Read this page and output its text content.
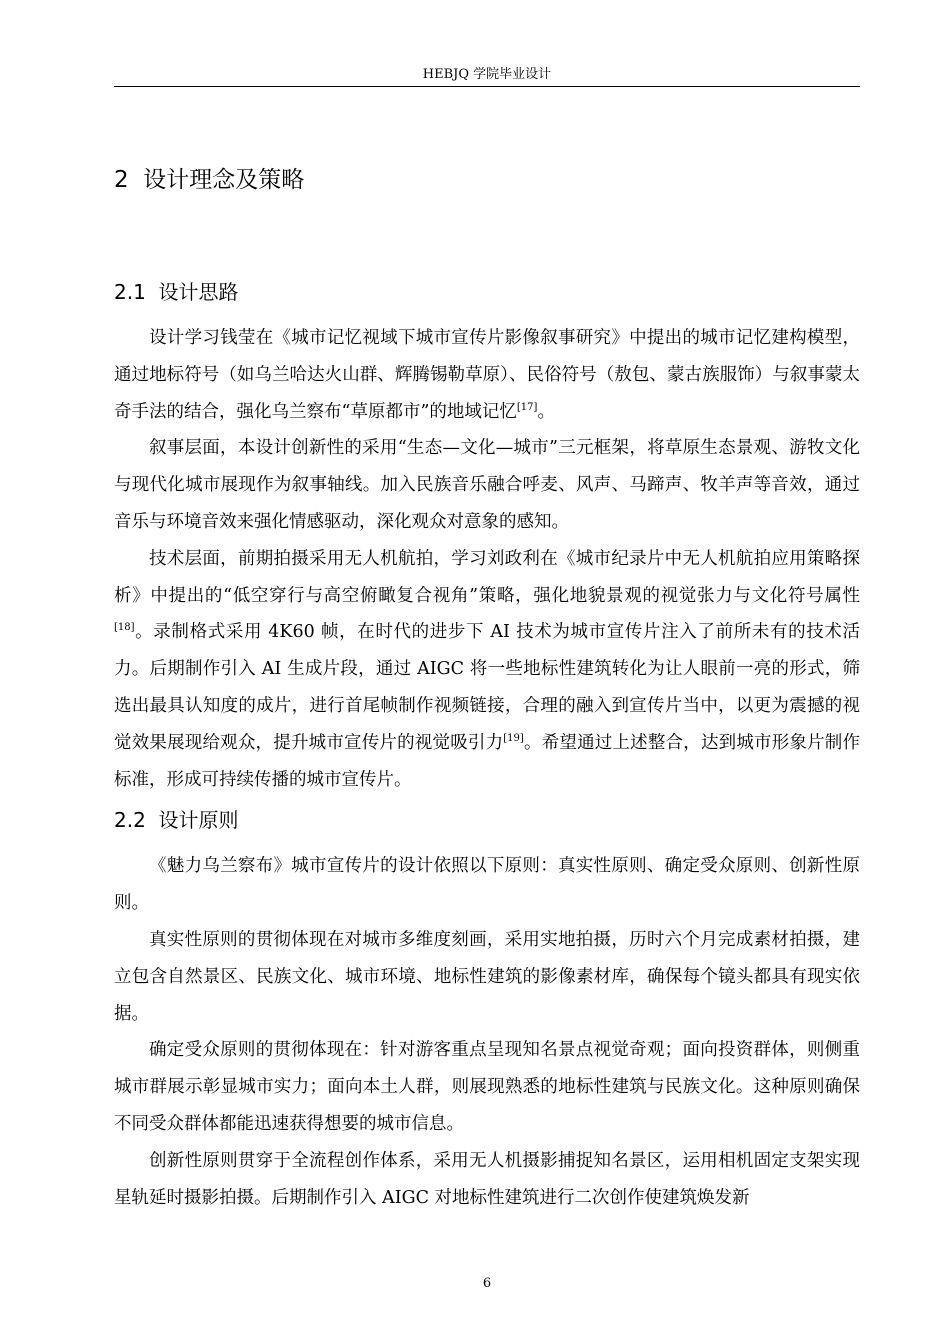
HEBJQ 学院毕业设计
2 设计理念及策略
2.1 设计思路

设计学习钱莹在《城市记忆视域下城市宣传片影像叙事研究》中提出的城市记忆建构模型，通过地标符号（如乌兰哈达火山群、辉腾锡勒草原）、民俗符号（敖包、蒙古族服饰）与叙事蒙太奇手法的结合，强化乌兰察布“草原都市”的地域记忆[17]。

叙事层面，本设计创新性的采用“生态—文化—城市”三元框架，将草原生态景观、游牧文化与现代化城市展现作为叙事轴线。加入民族音乐融合呼麦、风声、马蹄声、牧羊声等音效，通过音乐与环境音效来强化情感驱动，深化观众对意象的感知。

技术层面，前期拍摄采用无人机航拍，学习刘政利在《城市纪录片中无人机航拍应用策略探析》中提出的“低空穿行与高空俯瞰复合视角”策略，强化地貌景观的视觉张力与文化符号属性[18]。录制格式采用 4K60 帧，在时代的进步下 AI 技术为城市宣传片注入了前所未有的技术活力。后期制作引入 AI 生成片段，通过 AIGC 将一些地标性建筑转化为让人眼前一亮的形式，筛选出最具认知度的成片，进行首尾帧制作视频链接，合理的融入到宣传片当中，以更为震撼的视觉效果展现给观众，提升城市宣传片的视觉吸引力[19]。希望通过上述整合，达到城市形象片制作标准，形成可持续传播的城市宣传片。

2.2 设计原则

《魅力乌兰察布》城市宣传片的设计依照以下原则：真实性原则、确定受众原则、创新性原则。

真实性原则的贯彻体现在对城市多维度刻画，采用实地拍摄，历时六个月完成素材拍摄，建立包含自然景区、民族文化、城市环境、地标性建筑的影像素材库，确保每个镜头都具有现实依据。

确定受众原则的贯彻体现在：针对游客重点呈现知名景点视觉奇观；面向投资群体，则侧重城市群展示彰显城市实力；面向本土人群，则展现熟悉的地标性建筑与民族文化。这种原则确保不同受众群体都能迅速获得想要的城市信息。

创新性原则贯穿于全流程创作体系，采用无人机摄影捕捉知名景区，运用相机固定支架实现星轨延时摄影拍摄。后期制作引入 AIGC 对地标性建筑进行二次创作使建筑焕发新

6
